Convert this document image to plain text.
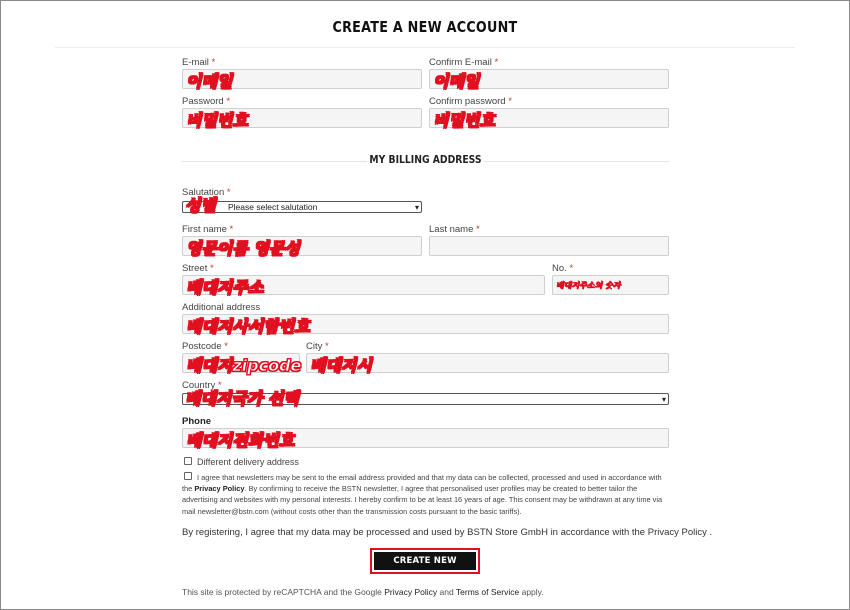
CREATE A NEW ACCOUNT
E-mail *
이메일
Confirm E-mail *
이메일
Password *
비밀번호
Confirm password *
비밀번호
MY BILLING ADDRESS
Salutation *
Please select salutation	▾
성별
First name *
영문이름 영문성
Last name *
Street *
배대지주소
No. *
배대지주소의 숫자
Additional address
배대지사서함번호
Postcode *
배대지zipcode
City *
배대지시
Country *
▾
배대지국가 선택
Phone
배대지전화번호
Different delivery address
I agree that newsletters may be sent to the email address provided and that my data can be collected, processed and used in accordance with the Privacy Policy. By confirming to receive the BSTN newsletter, I agree that personalised user profiles may be created to better tailor the advertising and websites with my personal interests. I hereby confirm to be at least 16 years of age. This consent may be withdrawn at any time via mail newsletter@bstn.com (without costs other than the transmission costs pursuant to the basic tariffs).
By registering, I agree that my data may be processed and used by BSTN Store GmbH in accordance with the Privacy Policy .
CREATE NEW ACCOUNT
This site is protected by reCAPTCHA and the Google Privacy Policy and Terms of Service apply.
